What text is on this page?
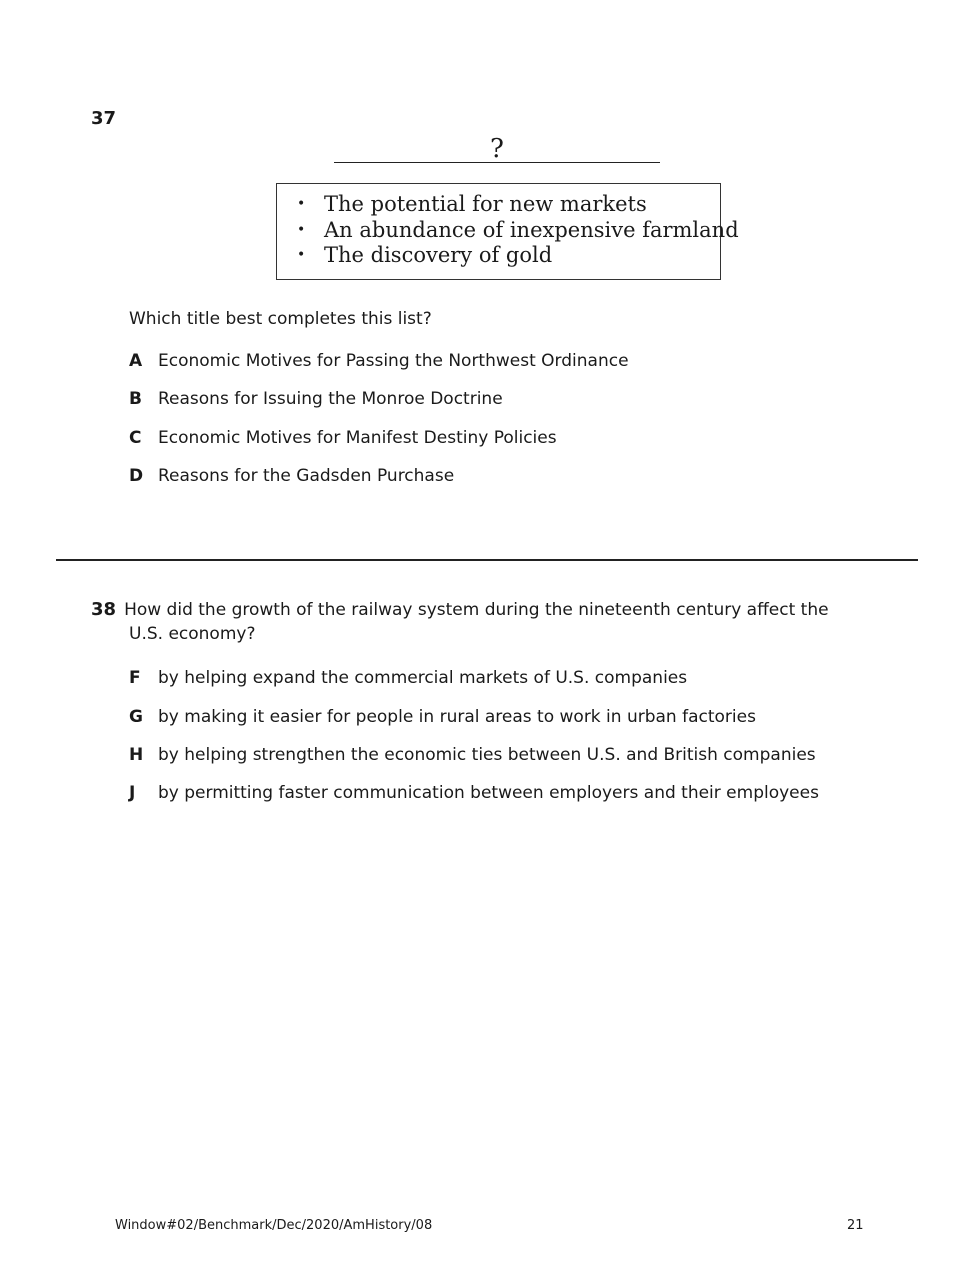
37
?
• The potential for new markets
• An abundance of inexpensive farmland
• The discovery of gold
Which title best completes this list?
A Economic Motives for Passing the Northwest Ordinance
B Reasons for Issuing the Monroe Doctrine
C Economic Motives for Manifest Destiny Policies
D Reasons for the Gadsden Purchase
38 How did the growth of the railway system during the nineteenth century affect the
U.S. economy?
F	by helping expand the commercial markets of U.S. companies
G by making it easier for people in rural areas to work in urban factories
H by helping strengthen the economic ties between U.S. and British companies
J	by permitting faster communication between employers and their employees
Window#02/Benchmark/Dec/2020/AmHistory/08	21
